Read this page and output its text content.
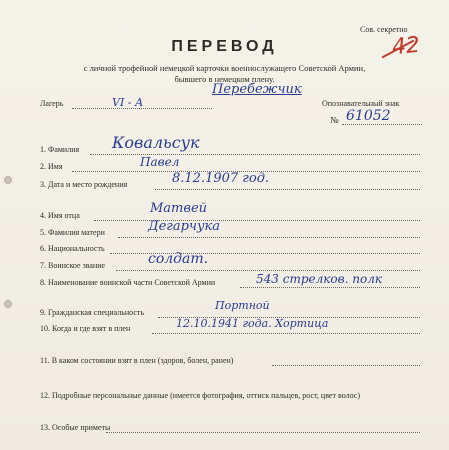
Сов. секретно
42
ПЕРЕВОД
с личной трофейной немецкой карточки военнослужащего Советской Армии,
бывшего в немецком плену.
Лагерь	VI - А
Перебежчик
Опознавательный знак
№ 61052
1. Фамилия Ковальсук
2. Имя	Павел
3. Дата и место рождения	8.12.1907 год.
4. Имя отца	Матвей
5. Фамилия матери	Дегарчука
6. Национальность
7. Воинское звание	солдат.
8. Наименование воинской части Советской Армии	543 стрелков. полк
9. Гражданская специальность
Портной
10. Когда и где взят в плен	12.10.1941 года. Хортица
11. В каком состоянии взят в плен (здоров, болен, ранен)
12. Подробные персональные данные (имеется фотография, оттиск пальцев, рост, цвет волос)
13. Особые приметы
